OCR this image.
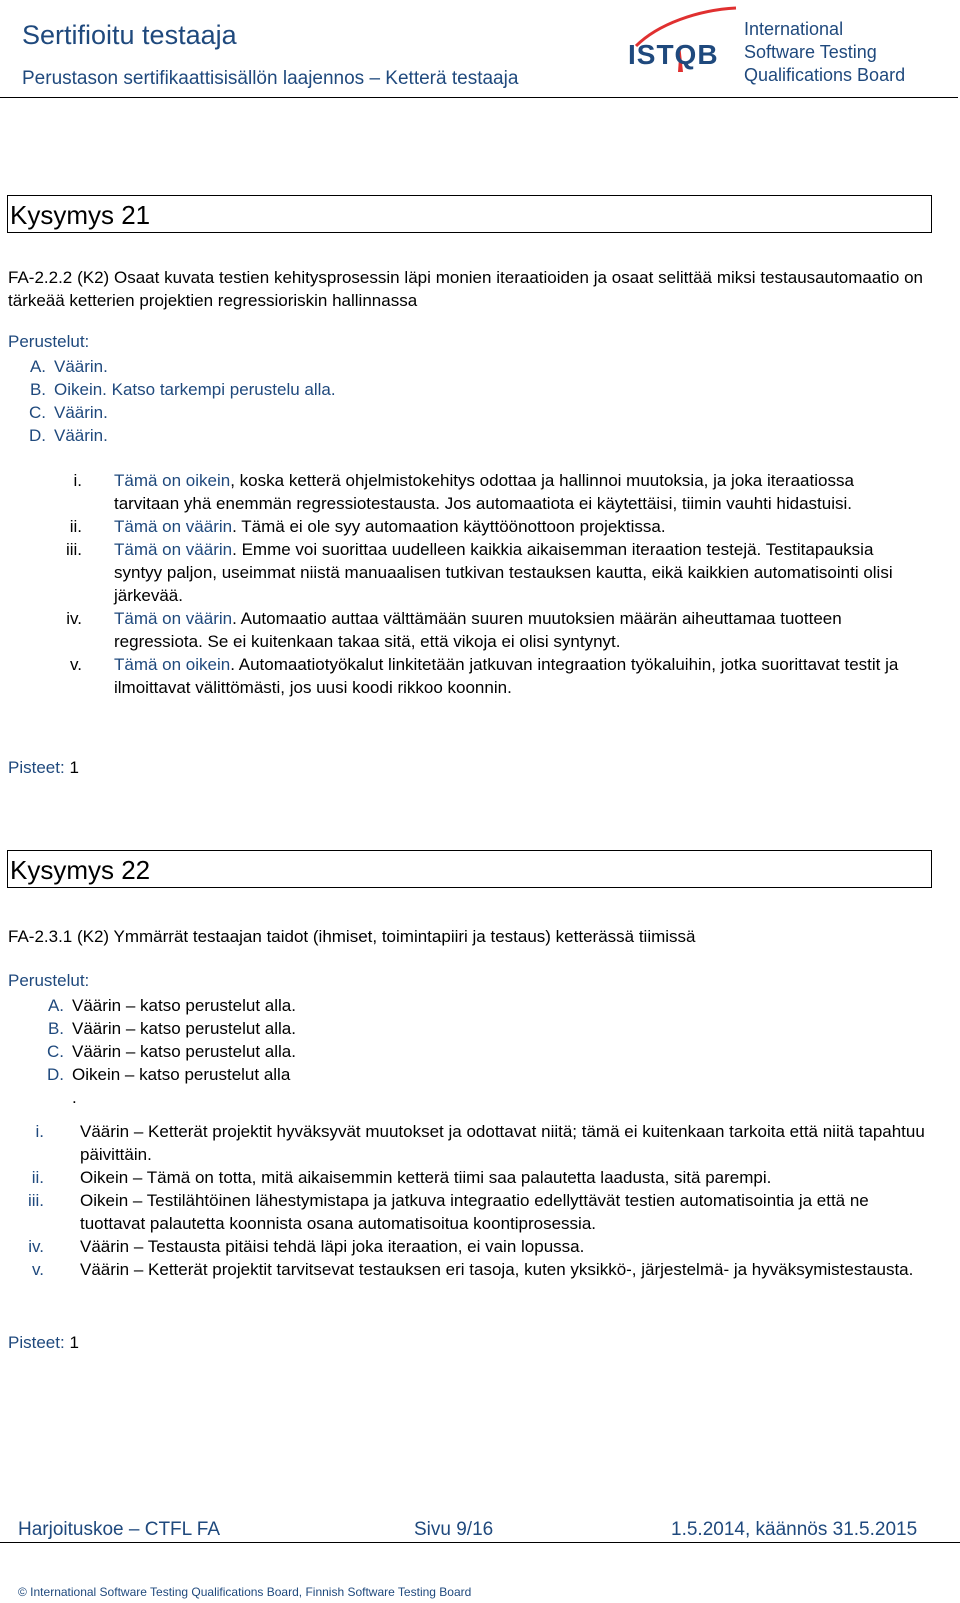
Sertifioitu testaaja
Perustason sertifikaattisisällön laajennos – Ketterä testaaja
ISTQB
International
Software Testing
Qualifications Board
Kysymys 21
FA-2.2.2 (K2) Osaat kuvata testien kehitysprosessin läpi monien iteraatioiden ja osaat selittää miksi testausautomaatio on tärkeää ketterien projektien regressioriskin hallinnassa
Perustelut:
A. Väärin.
B. Oikein. Katso tarkempi perustelu alla.
C. Väärin.
D. Väärin.
i. Tämä on oikein, koska ketterä ohjelmistokehitys odottaa ja hallinnoi muutoksia, ja joka iteraatiossa tarvitaan yhä enemmän regressiotestausta. Jos automaatiota ei käytettäisi, tiimin vauhti hidastuisi.
ii. Tämä on väärin. Tämä ei ole syy automaation käyttöönottoon projektissa.
iii. Tämä on väärin. Emme voi suorittaa uudelleen kaikkia aikaisemman iteraation testejä. Testitapauksia syntyy paljon, useimmat niistä manuaalisen tutkivan testauksen kautta, eikä kaikkien automatisointi olisi järkevää.
iv. Tämä on väärin. Automaatio auttaa välttämään suuren muutoksien määrän aiheuttamaa tuotteen regressiota. Se ei kuitenkaan takaa sitä, että vikoja ei olisi syntynyt.
v. Tämä on oikein. Automaatiotyökalut linkitetään jatkuvan integraation työkaluihin, jotka suorittavat testit ja ilmoittavat välittömästi, jos uusi koodi rikkoo koonnin.
Pisteet: 1
Kysymys 22
FA-2.3.1 (K2) Ymmärrät testaajan taidot (ihmiset, toimintapiiri ja testaus) ketterässä tiimissä
Perustelut:
A. Väärin – katso perustelut alla.
B. Väärin – katso perustelut alla.
C. Väärin – katso perustelut alla.
D. Oikein – katso perustelut alla
.
i. Väärin – Ketterät projektit hyväksyvät muutokset ja odottavat niitä; tämä ei kuitenkaan tarkoita että niitä tapahtuu päivittäin.
ii. Oikein – Tämä on totta, mitä aikaisemmin ketterä tiimi saa palautetta laadusta, sitä parempi.
iii. Oikein – Testilähtöinen lähestymistapa ja jatkuva integraatio edellyttävät testien automatisointia ja että ne tuottavat palautetta koonnista osana automatisoitua koontiprosessia.
iv. Väärin – Testausta pitäisi tehdä läpi joka iteraation, ei vain lopussa.
v. Väärin – Ketterät projektit tarvitsevat testauksen eri tasoja, kuten yksikkö-, järjestelmä- ja hyväksymistestausta.
Pisteet: 1
Harjoituskoe – CTFL FA	Sivu 9/16	1.5.2014, käännös 31.5.2015
© International Software Testing Qualifications Board, Finnish Software Testing Board
